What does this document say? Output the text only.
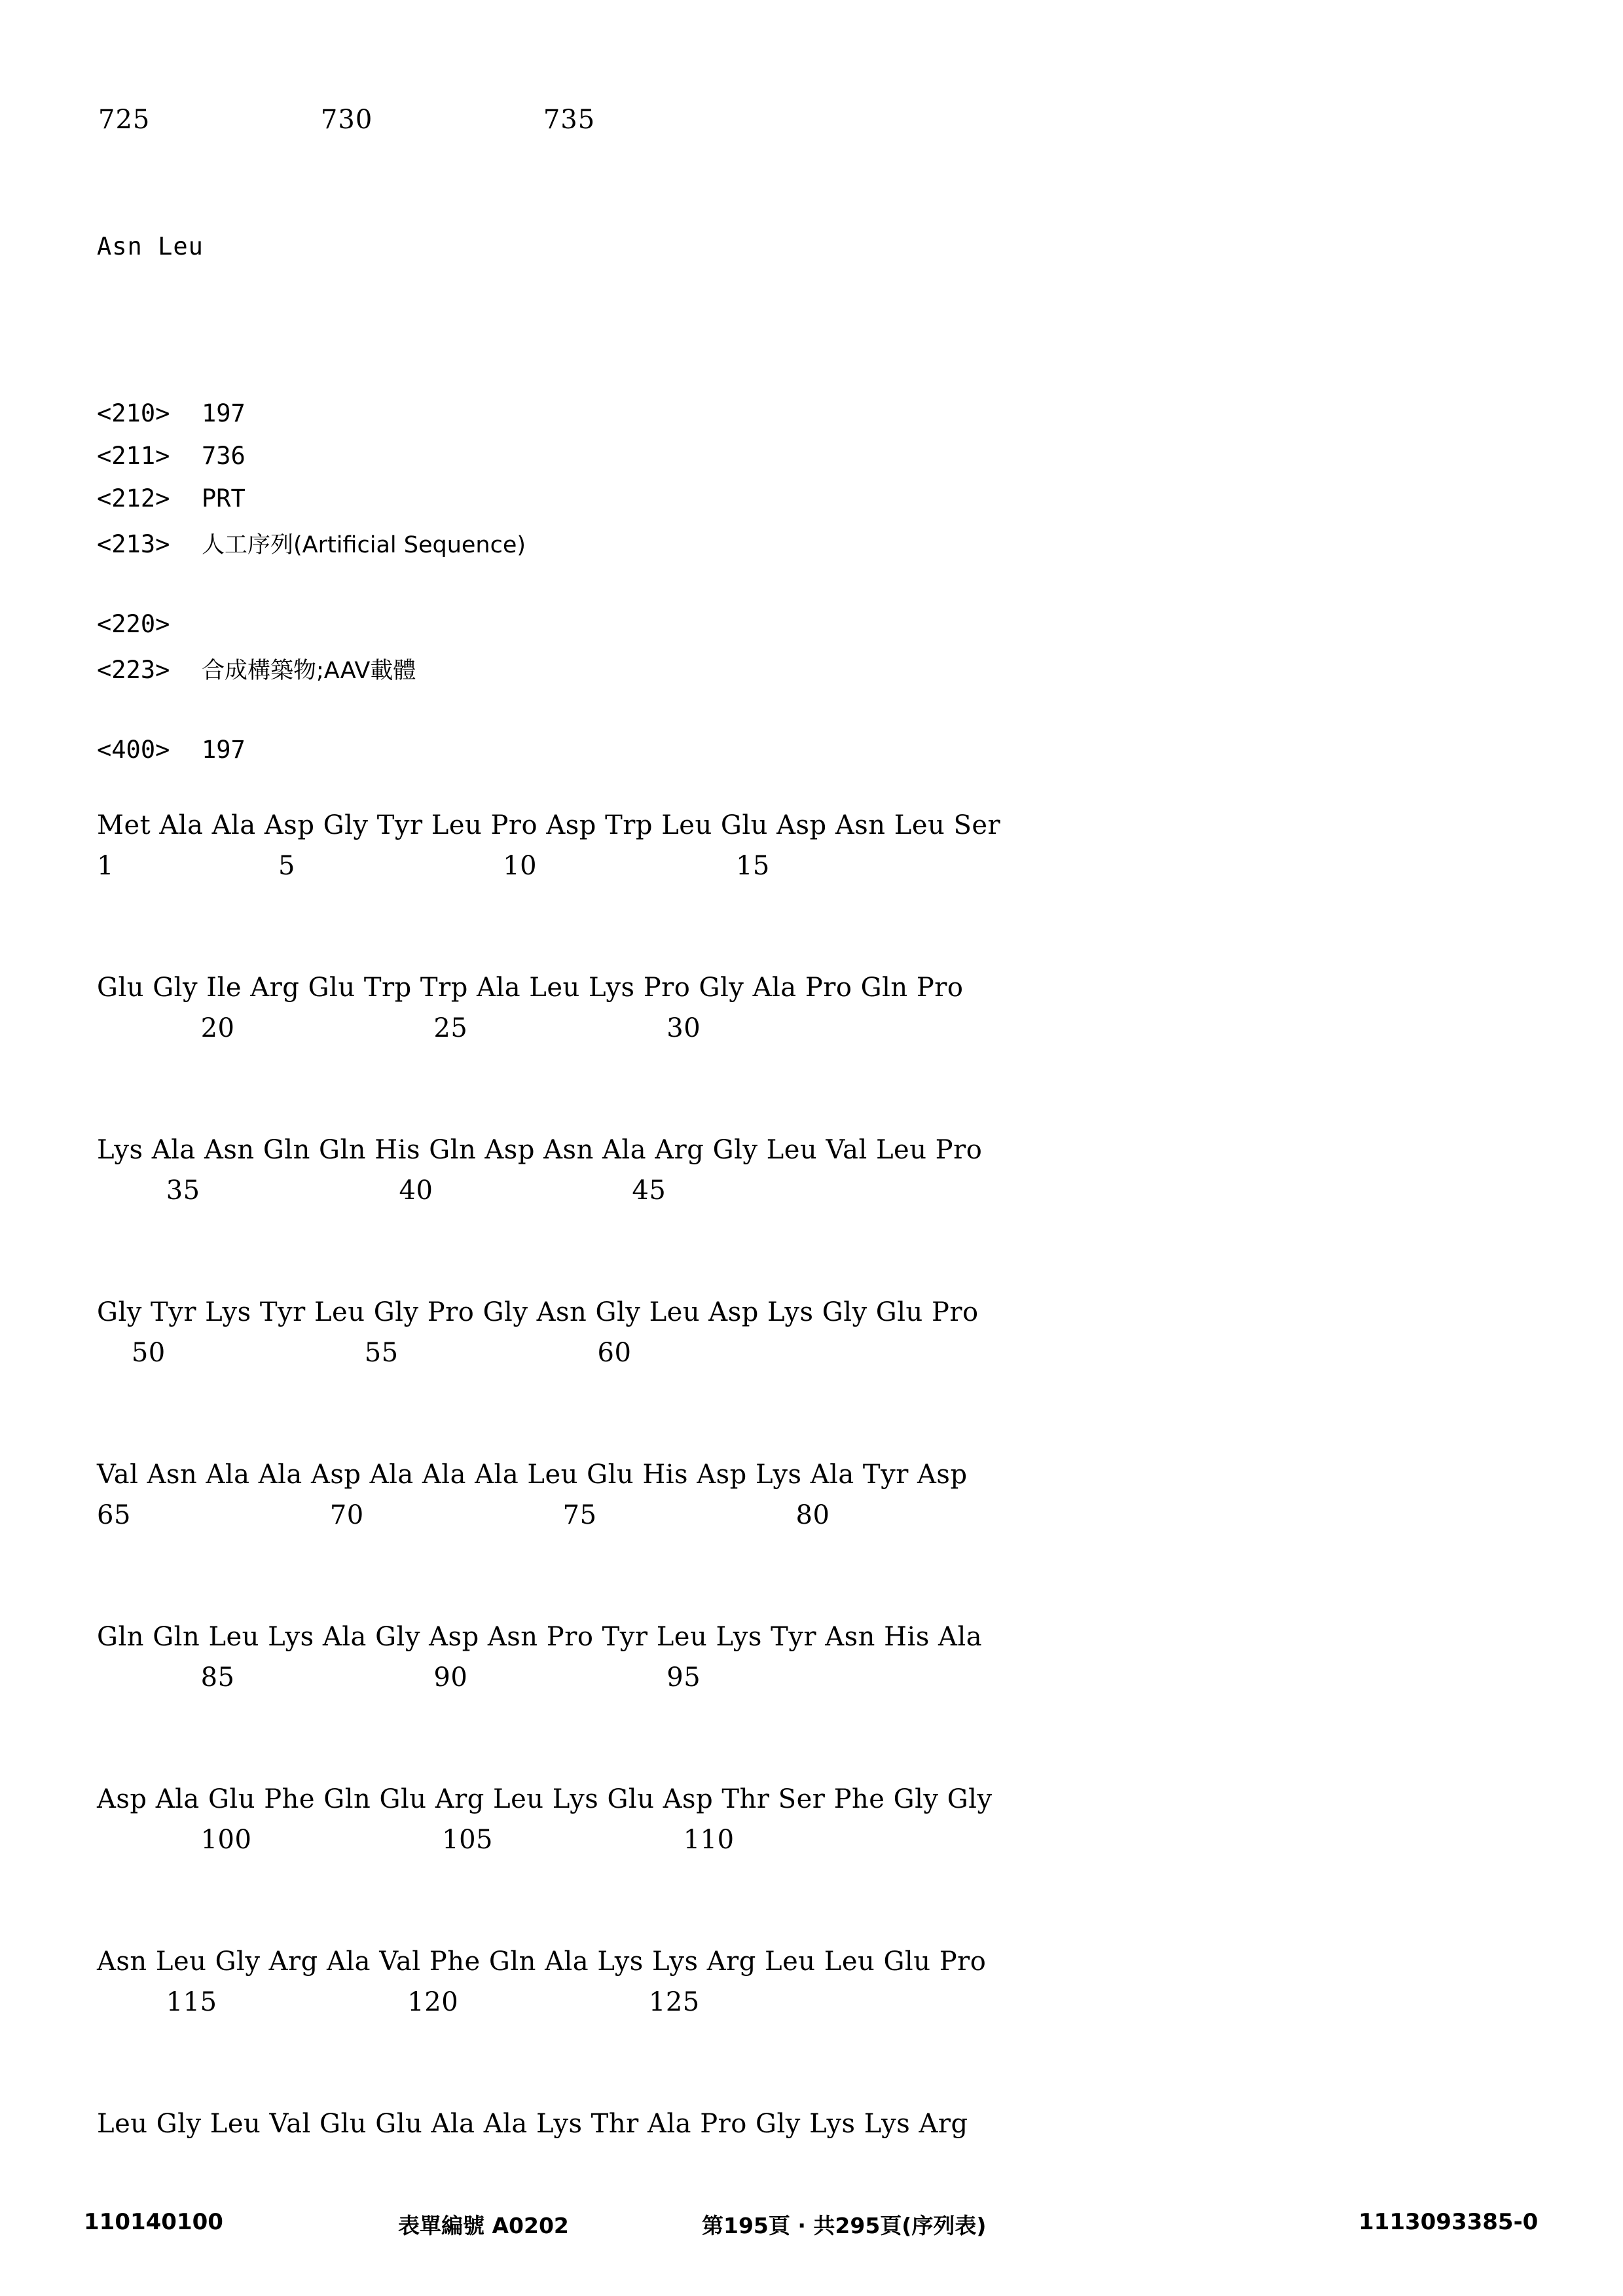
725                   730                   735
Asn Leu
<210>	197
<211>	736
<212>	PRT
<213>	人工序列(Artificial Sequence)
<220>
<223>	合成構築物;AAV載體
<400>	197
Met Ala Ala Asp Gly Tyr Leu Pro Asp Trp Leu Glu Asp Asn Leu Ser
1                   5                        10                       15
Glu Gly Ile Arg Glu Trp Trp Ala Leu Lys Pro Gly Ala Pro Gln Pro
20                       25                       30
Lys Ala Asn Gln Gln His Gln Asp Asn Ala Arg Gly Leu Val Leu Pro
35                       40                       45
Gly Tyr Lys Tyr Leu Gly Pro Gly Asn Gly Leu Asp Lys Gly Glu Pro
50                       55                       60
Val Asn Ala Ala Asp Ala Ala Ala Leu Glu His Asp Lys Ala Tyr Asp
65                       70                       75                       80
Gln Gln Leu Lys Ala Gly Asp Asn Pro Tyr Leu Lys Tyr Asn His Ala
85                       90                       95
Asp Ala Glu Phe Gln Glu Arg Leu Lys Glu Asp Thr Ser Phe Gly Gly
100                      105                      110
Asn Leu Gly Arg Ala Val Phe Gln Ala Lys Lys Arg Leu Leu Glu Pro
115                      120                      125
Leu Gly Leu Val Glu Glu Ala Ala Lys Thr Ala Pro Gly Lys Lys Arg
110140100	表單編號 A0202	第195頁 · 共295頁(序列表)	1113093385-0
